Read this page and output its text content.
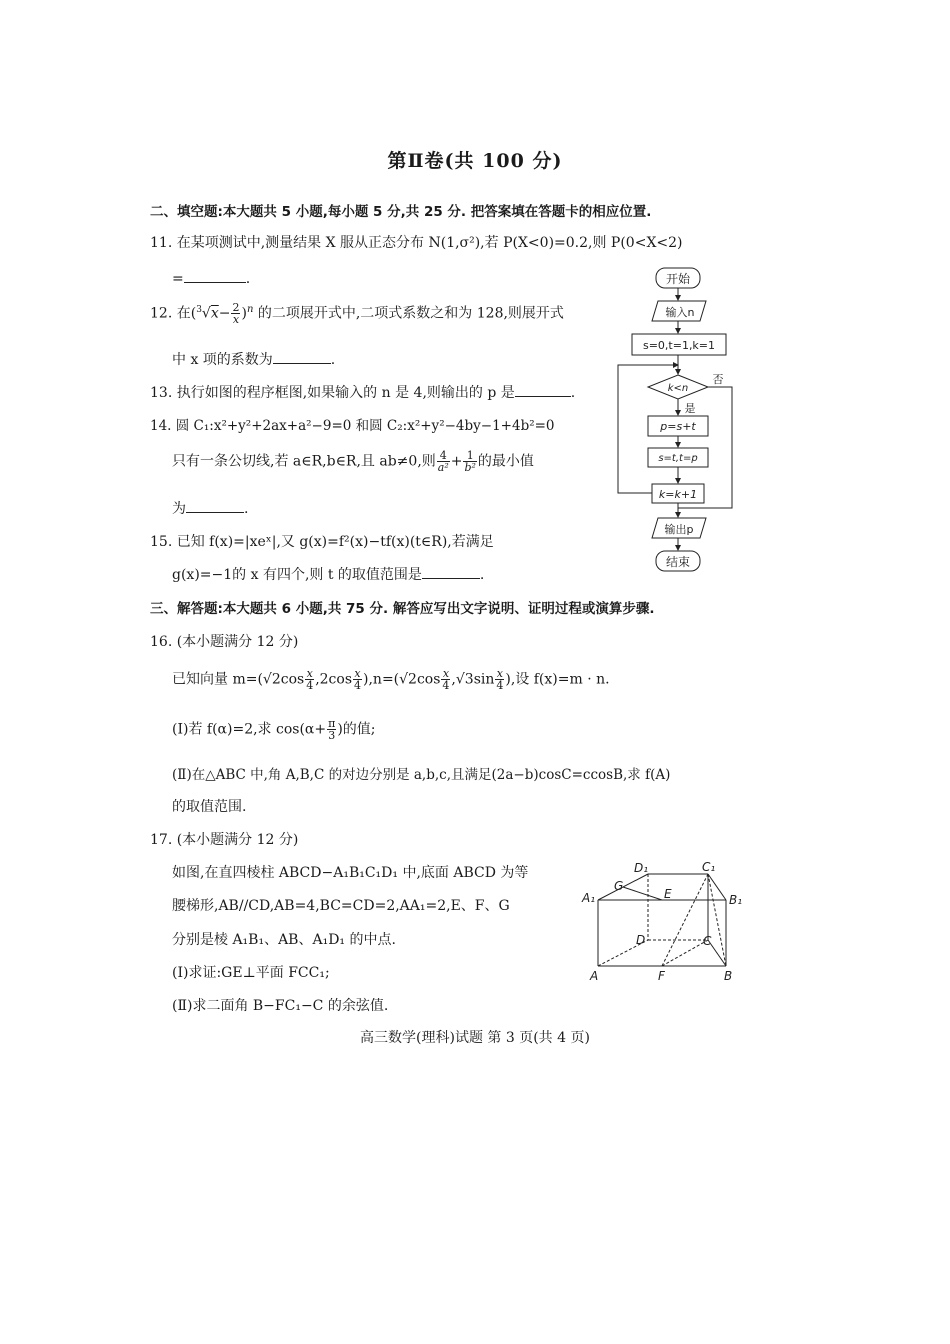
第Ⅱ卷(共 100 分)
二、填空题:本大题共 5 小题,每小题 5 分,共 25 分. 把答案填在答题卡的相应位置.
11. 在某项测试中,测量结果 X 服从正态分布 N(1,σ²),若 P(X<0)=0.2,则 P(0<X<2)
=	.
12. 在$(^3√x- \frac{2}{x} )^n$ 的二项展开式中,二项式系数之和为 128,则展开式
中 x 项的系数为	.
13. 执行如图的程序框图,如果输入的 n 是 4,则输出的 p 是	.
14. 圆 C₁:x²+y²+2ax+a²−9=0 和圆 C₂:x²+y²−4by−1+4b²=0
只有一条公切线,若 a∈R,b∈R,且 ab≠0,则 $\frac{4}{\text{a²}} + \frac{1}{\text{b²}}$ 的最小值
为	.
15. 已知 f(x)=|xeˣ|,又 g(x)=f²(x)−tf(x)(t∈R),若满足
g(x)=−1的 x 有四个,则 t 的取值范围是	.
开始
输入n
s=0,t=1,k=1
k<n
否
是
p=s+t
s=t,t=p
k=k+1
输出p
结束
三、解答题:本大题共 6 小题,共 75 分. 解答应写出文字说明、证明过程或演算步骤.
16. (本小题满分 12 分)
已知向量 $m=(√2\cos \frac{x}{4} ,2\cos \frac{x}{4} ),n=(√2\cos \frac{x}{4} ,√3\sin \frac{x}{4}$ ),设 f(x)=m · n.
(Ⅰ)若 f(α)=2,求 $\cos(\alpha+ \frac{\pi}{3}$ )的值;
(Ⅱ)在△ABC 中,角 A,B,C 的对边分别是 a,b,c,且满足(2a−b)cosC=ccosB,求 f(A)
的取值范围.
17. (本小题满分 12 分)
如图,在直四棱柱 ABCD−A₁B₁C₁D₁ 中,底面 ABCD 为等
腰梯形,AB//CD,AB=4,BC=CD=2,AA₁=2,E、F、G
分别是棱 A₁B₁、AB、A₁D₁ 的中点.
(Ⅰ)求证:GE⊥平面 FCC₁;
(Ⅱ)求二面角 B−FC₁−C 的余弦值.
D₁	C₁
A₁	B₁
G
E
D	C
A	F	B
高三数学(理科)试题 第 3 页(共 4 页)
